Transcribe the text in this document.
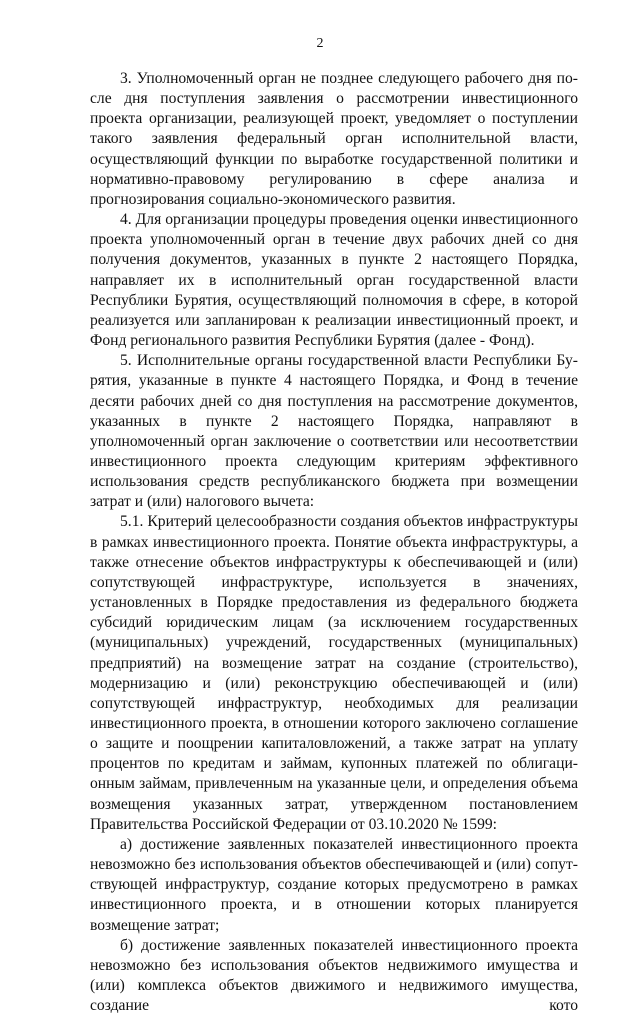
2

3. Уполномоченный орган не позднее следующего рабочего дня после дня поступления заявления о рассмотрении инвестиционного проекта организации, реализующей проект, уведомляет о поступлении такого заявления федеральный орган исполнительной власти, осуществляющий функции по выработке государственной политики и нормативно-правовому регулированию в сфере анализа и прогнозирования социально-экономического развития.

4. Для организации процедуры проведения оценки инвестиционного проекта уполномоченный орган в течение двух рабочих дней со дня получения документов, указанных в пункте 2 настоящего Порядка, направляет их в исполнительный орган государственной власти Республики Бурятия, осуществляющий полномочия в сфере, в которой реализуется или запланирован к реализации инвестиционный проект, и Фонд регионального развития Республики Бурятия (далее - Фонд).

5. Исполнительные органы государственной власти Республики Бурятия, указанные в пункте 4 настоящего Порядка, и Фонд в течение десяти рабочих дней со дня поступления на рассмотрение документов, указанных в пункте 2 настоящего Порядка, направляют в уполномоченный орган заключение о соответствии или несоответствии инвестиционного проекта следующим критериям эффективного использования средств республиканского бюджета при возмещении затрат и (или) налогового вычета:

5.1. Критерий целесообразности создания объектов инфраструктуры в рамках инвестиционного проекта. Понятие объекта инфраструктуры, а также отнесение объектов инфраструктуры к обеспечивающей и (или) сопутствующей инфраструктуре, используется в значениях, установленных в Порядке предоставления из федерального бюджета субсидий юридическим лицам (за исключением государственных (муниципальных) учреждений, государственных (муниципальных) предприятий) на возмещение затрат на создание (строительство), модернизацию и (или) реконструкцию обеспечивающей и (или) сопутствующей инфраструктур, необходимых для реализации инвестиционного проекта, в отношении которого заключено соглашение о защите и поощрении капиталовложений, а также затрат на уплату процентов по кредитам и займам, купонных платежей по облигационным займам, привлеченным на указанные цели, и определения объема возмещения указанных затрат, утвержденном постановлением Правительства Российской Федерации от 03.10.2020 № 1599:

а) достижение заявленных показателей инвестиционного проекта невозможно без использования объектов обеспечивающей и (или) сопутствующей инфраструктур, создание которых предусмотрено в рамках инвестиционного проекта, и в отношении которых планируется возмещение затрат;

б) достижение заявленных показателей инвестиционного проекта невозможно без использования объектов недвижимого имущества и (или) комплекса объектов движимого и недвижимого имущества, создание кото
